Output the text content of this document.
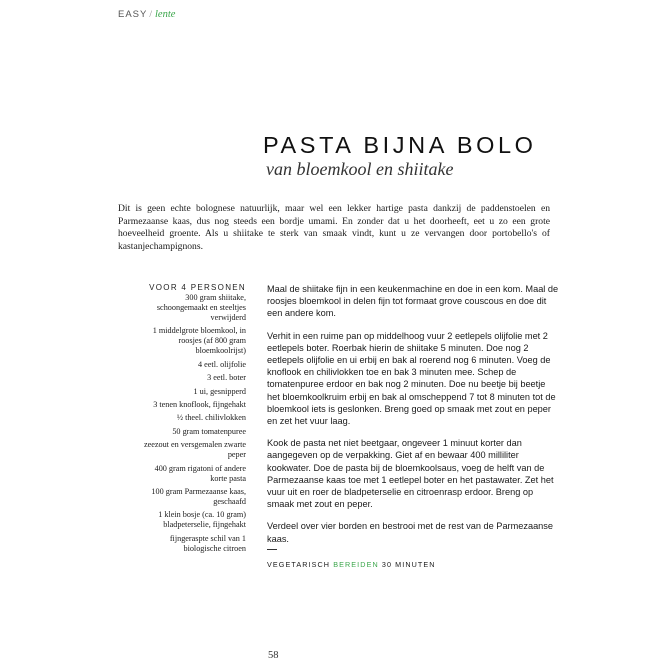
EASY / lente
PASTA BIJNA BOLO
van bloemkool en shiitake
Dit is geen echte bolognese natuurlijk, maar wel een lekker hartige pasta dankzij de paddenstoelen en Parmezaanse kaas, dus nog steeds een bordje umami. En zonder dat u het doorheeft, eet u zo een grote hoeveelheid groente. Als u shiitake te sterk van smaak vindt, kunt u ze vervangen door portobello's of kastanjechampignons.
VOOR 4 PERSONEN
300 gram shiitake, schoongemaakt en steeltjes verwijderd
1 middelgrote bloemkool, in roosjes (af 800 gram bloemkoolrijst)
4 eetl. olijfolie
3 eetl. boter
1 ui, gesnipperd
3 tenen knoflook, fijngehakt
½ theel. chilivlokken
50 gram tomatenpuree
zeezout en versgemalen zwarte peper
400 gram rigatoni of andere korte pasta
100 gram Parmezaanse kaas, geschaafd
1 klein bosje (ca. 10 gram) bladpeterselie, fijngehakt
fijngeraspte schil van 1 biologische citroen

Maal de shiitake fijn in een keukenmachine en doe in een kom. Maal de roosjes bloemkool in delen fijn tot formaat grove couscous en doe dit een andere kom.

Verhit in een ruime pan op middelhoog vuur 2 eetlepels olijfolie met 2 eetlepels boter. Roerbak hierin de shiitake 5 minuten. Doe nog 2 eetlepels olijfolie en ui erbij en bak al roerend nog 6 minuten. Voeg de knoflook en chilivlokken toe en bak 3 minuten mee. Schep de tomatenpuree erdoor en bak nog 2 minuten. Doe nu beetje bij beetje het bloemkoolkruim erbij en bak al omscheppend 7 tot 8 minuten tot de bloemkool iets is geslonken. Breng goed op smaak met zout en peper en zet het vuur laag.

Kook de pasta net niet beetgaar, ongeveer 1 minuut korter dan aangegeven op de verpakking. Giet af en bewaar 400 milliliter kookwater. Doe de pasta bij de bloemkoolsaus, voeg de helft van de Parmezaanse kaas toe met 1 eetlepel boter en het pastawater. Zet het vuur uit en roer de bladpeterselie en citroenrasp erdoor. Breng op smaak met zout en peper.

Verdeel over vier borden en bestrooi met de rest van de Parmezaanse kaas.

VEGETARISCH BEREIDEN 30 MINUTEN
58
